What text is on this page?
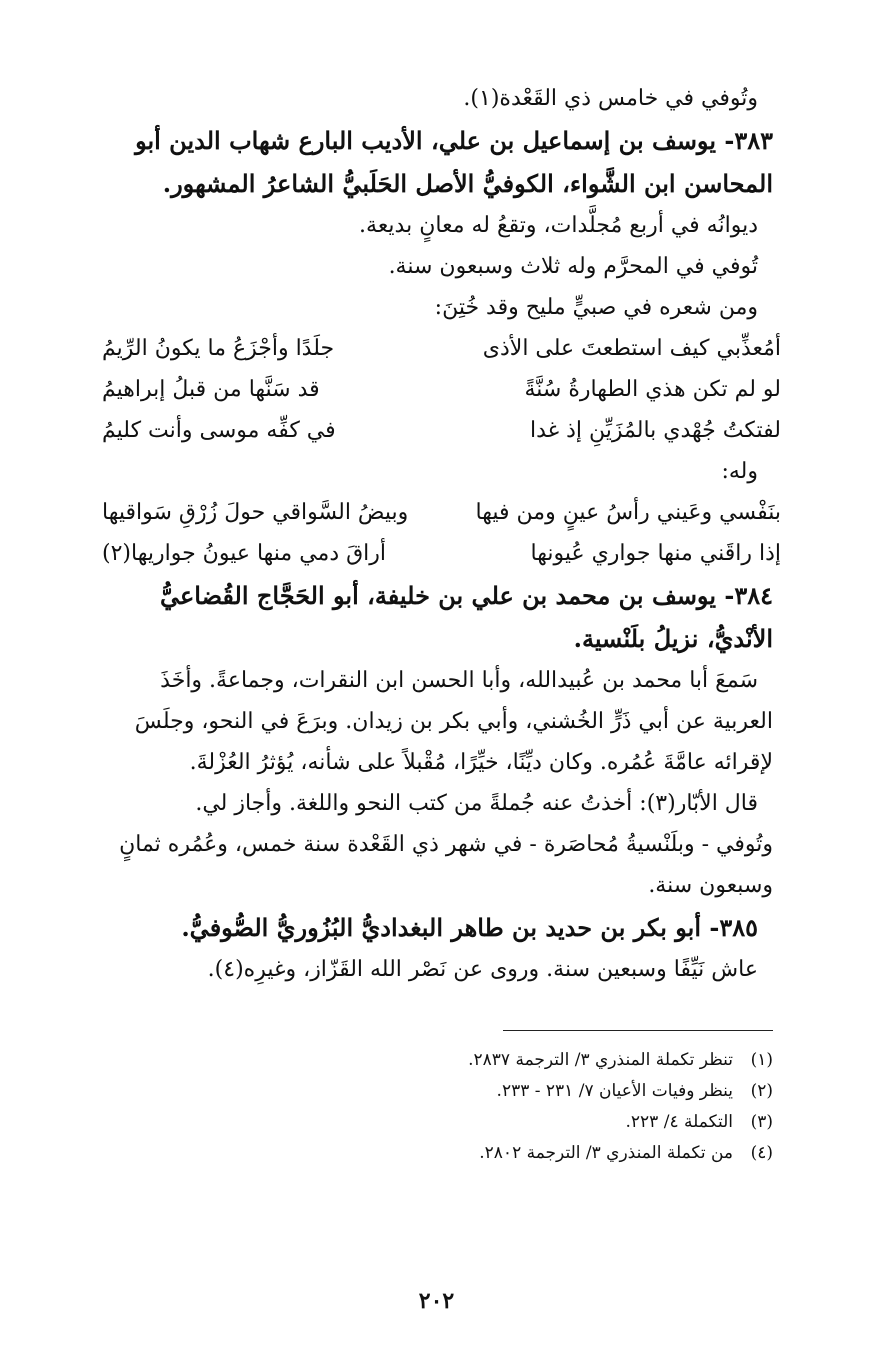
وتُوفي في خامس ذي القَعْدة(١).

٣٨٣- يوسف بن إسماعيل بن علي، الأديب البارع شهاب الدين أبو

المحاسن ابن الشَّواء، الكوفيُّ الأصل الحَلَبيُّ الشاعرُ المشهور.

ديوانُه في أربع مُجلَّدات، وتقعُ له معانٍ بديعة.

تُوفي في المحرَّم وله ثلاث وسبعون سنة.

ومن شعره في صبيٍّ مليح وقد خُتِنَ:

أمُعذِّبي كيف استطعتَ على الأذى
جلَدًا وأجْزَعُ ما يكونُ الرِّيمُ
لو لم تكن هذي الطهارةُ سُنَّةً
قد سَنَّها من قبلُ إبراهيمُ
لفتكتُ جُهْدي بالمُزَيِّنِ إذ غدا
في كفِّه موسى وأنت كليمُ

وله:

بنَفْسي وعَيني رأسُ عينٍ ومن فيها
وبيضُ السَّواقي حولَ زُرْقِ سَواقيها
إذا راقَني منها جواري عُيونها
أراقَ دمي منها عيونُ جواريها(٢)

٣٨٤- يوسف بن محمد بن علي بن خليفة، أبو الحَجَّاج القُضاعيُّ

الأنْديُّ، نزيلُ بلَنْسية.

سَمعَ أبا محمد بن عُبيدالله، وأبا الحسن ابن النقرات، وجماعةً. وأخَذَ

العربية عن أبي ذَرٍّ الخُشني، وأبي بكر بن زيدان. وبرَعَ في النحو، وجلَسَ

لإقرائه عامَّةَ عُمُره. وكان ديِّنًا، خيِّرًا، مُقْبلاً على شأنه، يُؤثرُ العُزْلةَ.

قال الأبّار(٣): أخذتُ عنه جُملةً من كتب النحو واللغة. وأجاز لي.

وتُوفي - وبلَنْسيةُ مُحاصَرة - في شهر ذي القَعْدة سنة خمس، وعُمُره ثمانٍ

وسبعون سنة.

٣٨٥- أبو بكر بن حديد بن طاهر البغداديُّ البُزُوريُّ الصُّوفيُّ.

عاش نَيِّفًا وسبعين سنة. وروى عن نَصْر الله القَزّاز، وغيرِه(٤).

(١)
تنظر تكملة المنذري ٣/ الترجمة ٢٨٣٧.
(٢)
ينظر وفيات الأعيان ٧/ ٢٣١ - ٢٣٣.
(٣)
التكملة ٤/ ٢٢٣.
(٤)
من تكملة المنذري ٣/ الترجمة ٢٨٠٢.
٢٠٢
